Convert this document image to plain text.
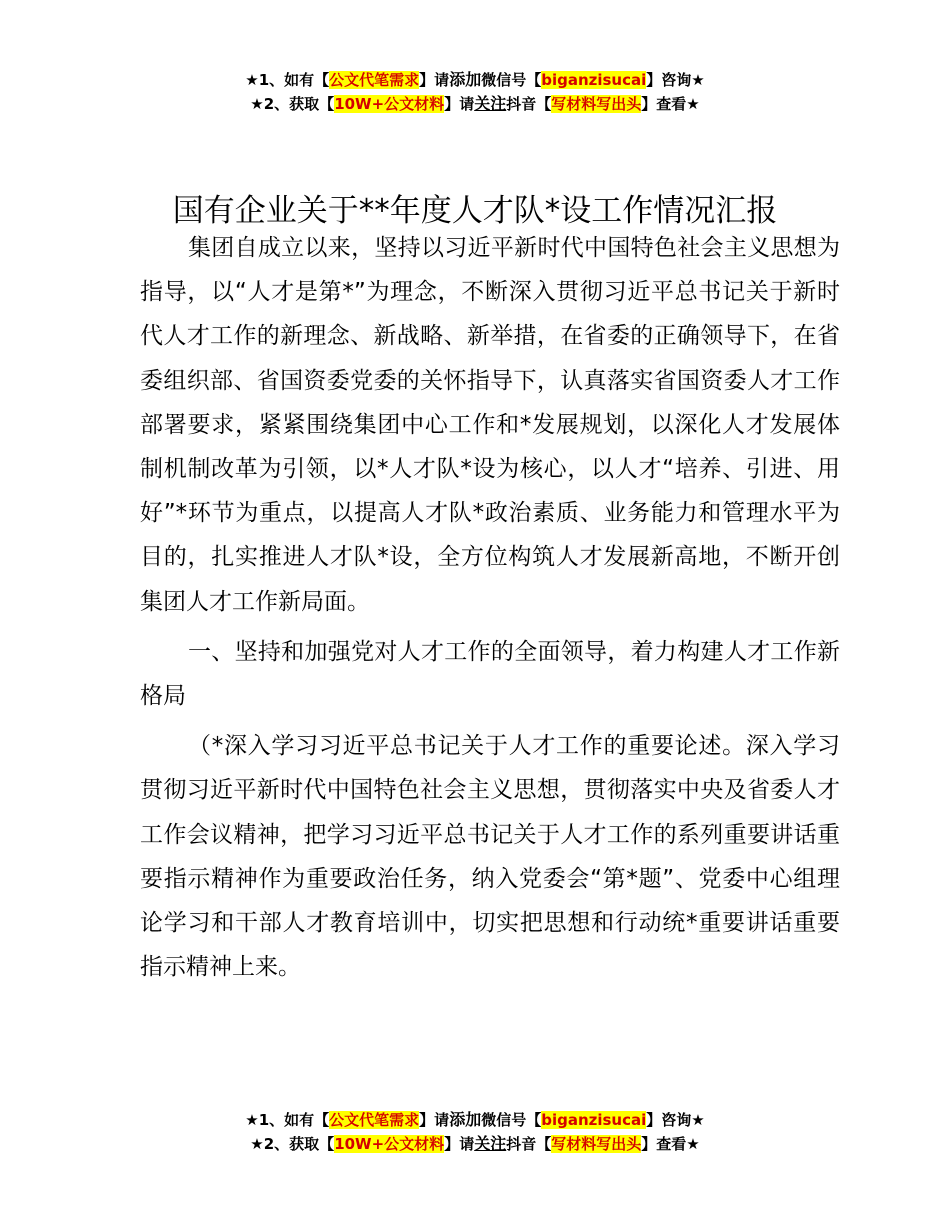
★1、如有【公文代笔需求】请添加微信号【biganzisucai】咨询★
★2、获取【10W+公文材料】请关注抖音【写材料写出头】查看★
国有企业关于**年度人才队*设工作情况汇报

集团自成立以来，坚持以习近平新时代中国特色社会主义思想为指导，以“人才是第*”为理念，不断深入贯彻习近平总书记关于新时代人才工作的新理念、新战略、新举措，在省委的正确领导下，在省委组织部、省国资委党委的关怀指导下，认真落实省国资委人才工作部署要求，紧紧围绕集团中心工作和*发展规划，以深化人才发展体制机制改革为引领，以*人才队*设为核心，以人才“培养、引进、用好”*环节为重点，以提高人才队*政治素质、业务能力和管理水平为目的，扎实推进人才队*设，全方位构筑人才发展新高地，不断开创集团人才工作新局面。

一、坚持和加强党对人才工作的全面领导，着力构建人才工作新格局

（*深入学习习近平总书记关于人才工作的重要论述。深入学习贯彻习近平新时代中国特色社会主义思想，贯彻落实中央及省委人才工作会议精神，把学习习近平总书记关于人才工作的系列重要讲话重要指示精神作为重要政治任务，纳入党委会“第*题”、党委中心组理论学习和干部人才教育培训中，切实把思想和行动统*重要讲话重要指示精神上来。

★1、如有【公文代笔需求】请添加微信号【biganzisucai】咨询★
★2、获取【10W+公文材料】请关注抖音【写材料写出头】查看★
